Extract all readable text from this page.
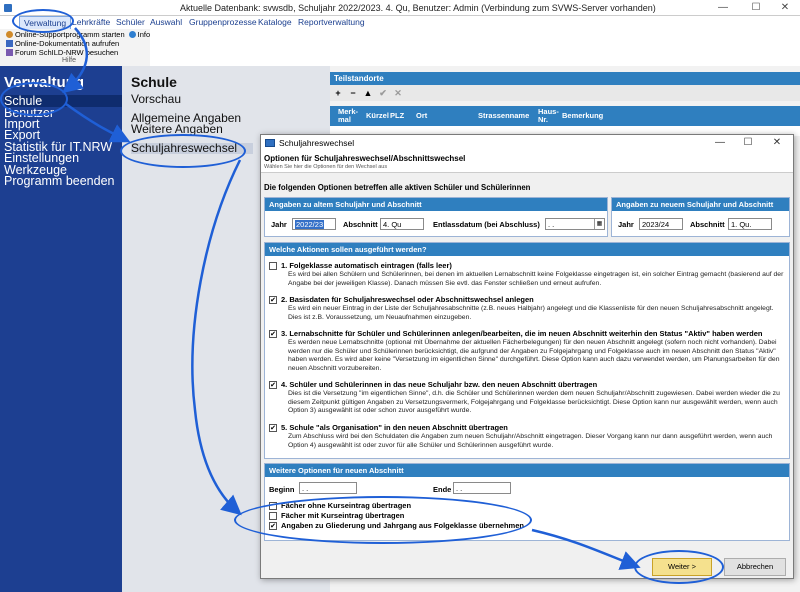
Aktuelle Datenbank: svwsdb, Schuljahr 2022/2023. 4. Qu, Benutzer: Admin (Verbindung zum SVWS-Server vorhanden)	—	☐	✕
Verwaltung Lehrkräfte Schüler Auswahl Gruppenprozesse Kataloge Reportverwaltung
Online-Supportprogramm starten Info
Online-Dokumentation aufrufen
Forum SchILD-NRW besuchen
Hilfe
Verwaltung
Schule
Benutzer
Import
Export
Statistik für IT.NRW
Einstellungen
Werkzeuge
Programm beenden
Schule
Vorschau
Allgemeine Angaben
Weitere Angaben
Schuljahreswechsel
Teilstandorte
+	− ▲ ✔ ✕
Merk-mal	Kürzel PLZ Ort	Strassenname Haus-Nr.	Bemerkung
Schuljahreswechsel	—	☐	✕
Optionen für Schuljahreswechsel/Abschnittswechsel
Wählen Sie hier die Optionen für den Wechsel aus
Die folgenden Optionen betreffen alle aktiven Schüler und Schülerinnen
Angaben zu altem Schuljahr und Abschnitt
Jahr	2022/23	Abschnitt 4. Qu	Entlassdatum (bei Abschluss)	. .	▦
Angaben zu neuem Schuljahr und Abschnitt
Jahr	2023/24	Abschnitt 1. Qu.
Welche Aktionen sollen ausgeführt werden?
1. Folgeklasse automatisch eintragen (falls leer)
Es wird bei allen Schülern und Schülerinnen, bei denen im aktuellen Lernabschnitt keine Folgeklasse eingetragen ist, ein solcher Eintrag gemacht (basierend auf der Angabe bei der jeweiligen Klasse). Danach müssen Sie evtl. das Fenster schließen und erneut aufrufen.
✔ 2. Basisdaten für Schuljahreswechsel oder Abschnittswechsel anlegen
Es wird ein neuer Eintrag in der Liste der Schuljahresabschnitte (z.B. neues Halbjahr) angelegt und die Klassenliste für den neuen Schuljahresabschnitt angelegt. Dies ist z.B. Voraussetzung, um Neuaufnahmen einzugeben.
✔ 3. Lernabschnitte für Schüler und Schülerinnen anlegen/bearbeiten, die im neuen Abschnitt weiterhin den Status "Aktiv" haben werden
Es werden neue Lernabschnitte (optional mit Übernahme der aktuellen Fächerbelegungen) für den neuen Abschnitt angelegt (sofern noch nicht vorhanden). Dabei werden nur die Schüler und Schülerinnen berücksichtigt, die aufgrund der Angaben zu Folgejahrgang und Folgeklasse auch im neuen Abschnitt den Status "Aktiv" haben werden. Es wird aber keine "Versetzung im eigentlichen Sinne" durchgeführt. Diese Option kann auch dazu verwendet werden, um Planungsarbeiten für den neuen Abschnitt vorzubereiten.
✔ 4. Schüler und Schülerinnen in das neue Schuljahr bzw. den neuen Abschnitt übertragen
Dies ist die Versetzung "im eigentlichen Sinne", d.h. die Schüler und Schülerinnen werden dem neuen Schuljahr/Abschnitt zugewiesen. Dabei werden wieder die zu diesem Zeitpunkt gültigen Angaben zu Versetzungsvermerk, Folgejahrgang und Folgeklasse berücksichtigt. Diese Option kann nur ausgewählt werden, wenn auch Option 3) ausgewählt ist oder schon zuvor ausgeführt wurde.
✔ 5. Schule "als Organisation" in den neuen Abschnitt übertragen
Zum Abschluss wird bei den Schuldaten die Angaben zum neuen Schuljahr/Abschnitt eingetragen. Dieser Vorgang kann nur dann ausgeführt werden, wenn auch Option 4) ausgewählt ist oder zuvor für alle Schüler und Schülerinnen ausgeführt wurde.
Weitere Optionen für neuen Abschnitt
Beginn	. .	Ende . .
Fächer ohne Kurseintrag übertragen
Fächer mit Kurseintrag übertragen
✔ Angaben zu Gliederung und Jahrgang aus Folgeklasse übernehmen
Weiter >	Abbrechen
